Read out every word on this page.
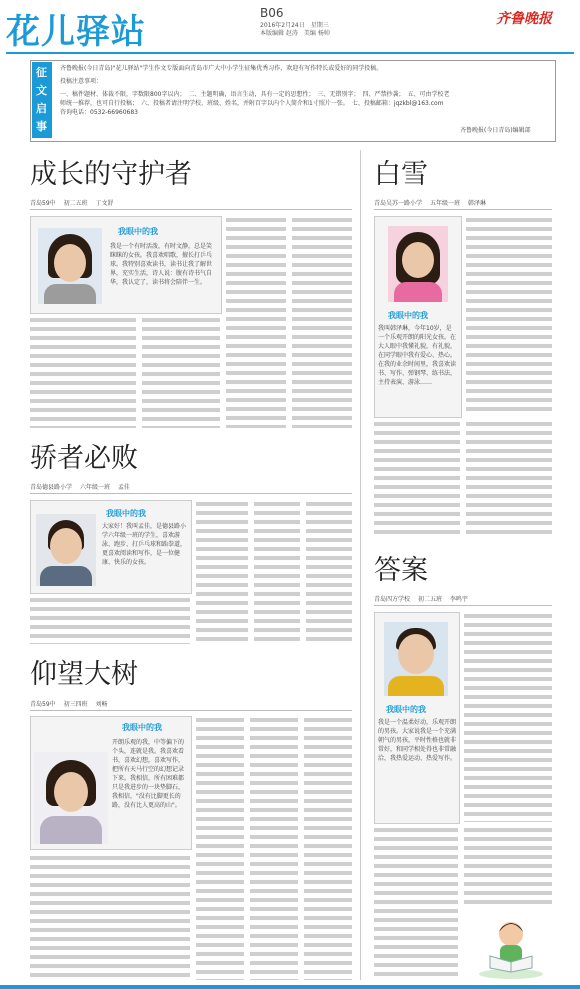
花儿驿站	B06
2016年2月24日　星期三
本版编辑 赵涛　美编 杨帅
齐鲁晚报
征文启事
齐鲁晚报(今日青岛)"花儿驿站"学生作文专版面向青岛市广大中小学生征集优秀习作，欢迎有写作特长或爱好的同学投稿。
投稿注意事项：
一、稿件题材、体裁不限，字数限800字以内；　二、主题明确，语言生动，具有一定的思想性；　三、无错别字；　四、严禁抄袭；　五、可由学校老
师统一推荐，也可自行投稿；　六、投稿者请注明学校、班级、姓名，并附百字以内个人简介和1寸照片一张。　七、投稿邮箱：jqzkbl@163.com
咨询电话：0532-66960683
齐鲁晚报(今日青岛)编辑部
成长的守护者
青岛59中　 初二五班　 丁文舒
我眼中的我
我是一个有时活泼，有时文静，总是笑眯眯的女孩。我喜欢唱歌，擅长打乒乓球。我特别喜欢读书，读书让我了解世界，充实生活，诗人说：腹有诗书气自华，我认定了，读书将会陪伴一生。
骄者必败
青岛德县路小学　 六年级一班　 孟佳
我眼中的我
大家好！我叫孟佳，是德县路小学六年级一班的学生，喜欢游泳、跑步、打乒乓球和跆拳道，更喜欢阅读和写作，是一位健康、快乐的女孩。
仰望大树
青岛59中　 初三四班　 刘畅
我眼中的我
开朗乐观的我，中等偏下的个头，连就是我。我喜欢看书，喜欢幻想，喜欢写作，把所有天马行空的幻想记录下来。我相信，所有困难都只是我进步的一块垫脚石，我相信，"没有比脚更长的路，没有比人更高的山"。
白雪
青岛吴苏一路小学　 五年级一班　 韩泽琳
我眼中的我
我叫韩泽琳，今年10岁，是一个乐观开朗的阳光女孩。在大人眼中我懂礼貌，有礼貌，在同学眼中我有爱心、热心。在我的业余时间里，我喜欢读书、写作、弹钢琴、练书法，主持表演、游泳……
答案
青岛四方学校　 初二五班　 李鸣宇
我眼中的我
我是一个温柔好动，乐观开朗的男孩。大家说我是一个充满朝气的男孩，平时性格也就非常好，和同学相处得也非常融洽，我热爱运动、热爱写作。
